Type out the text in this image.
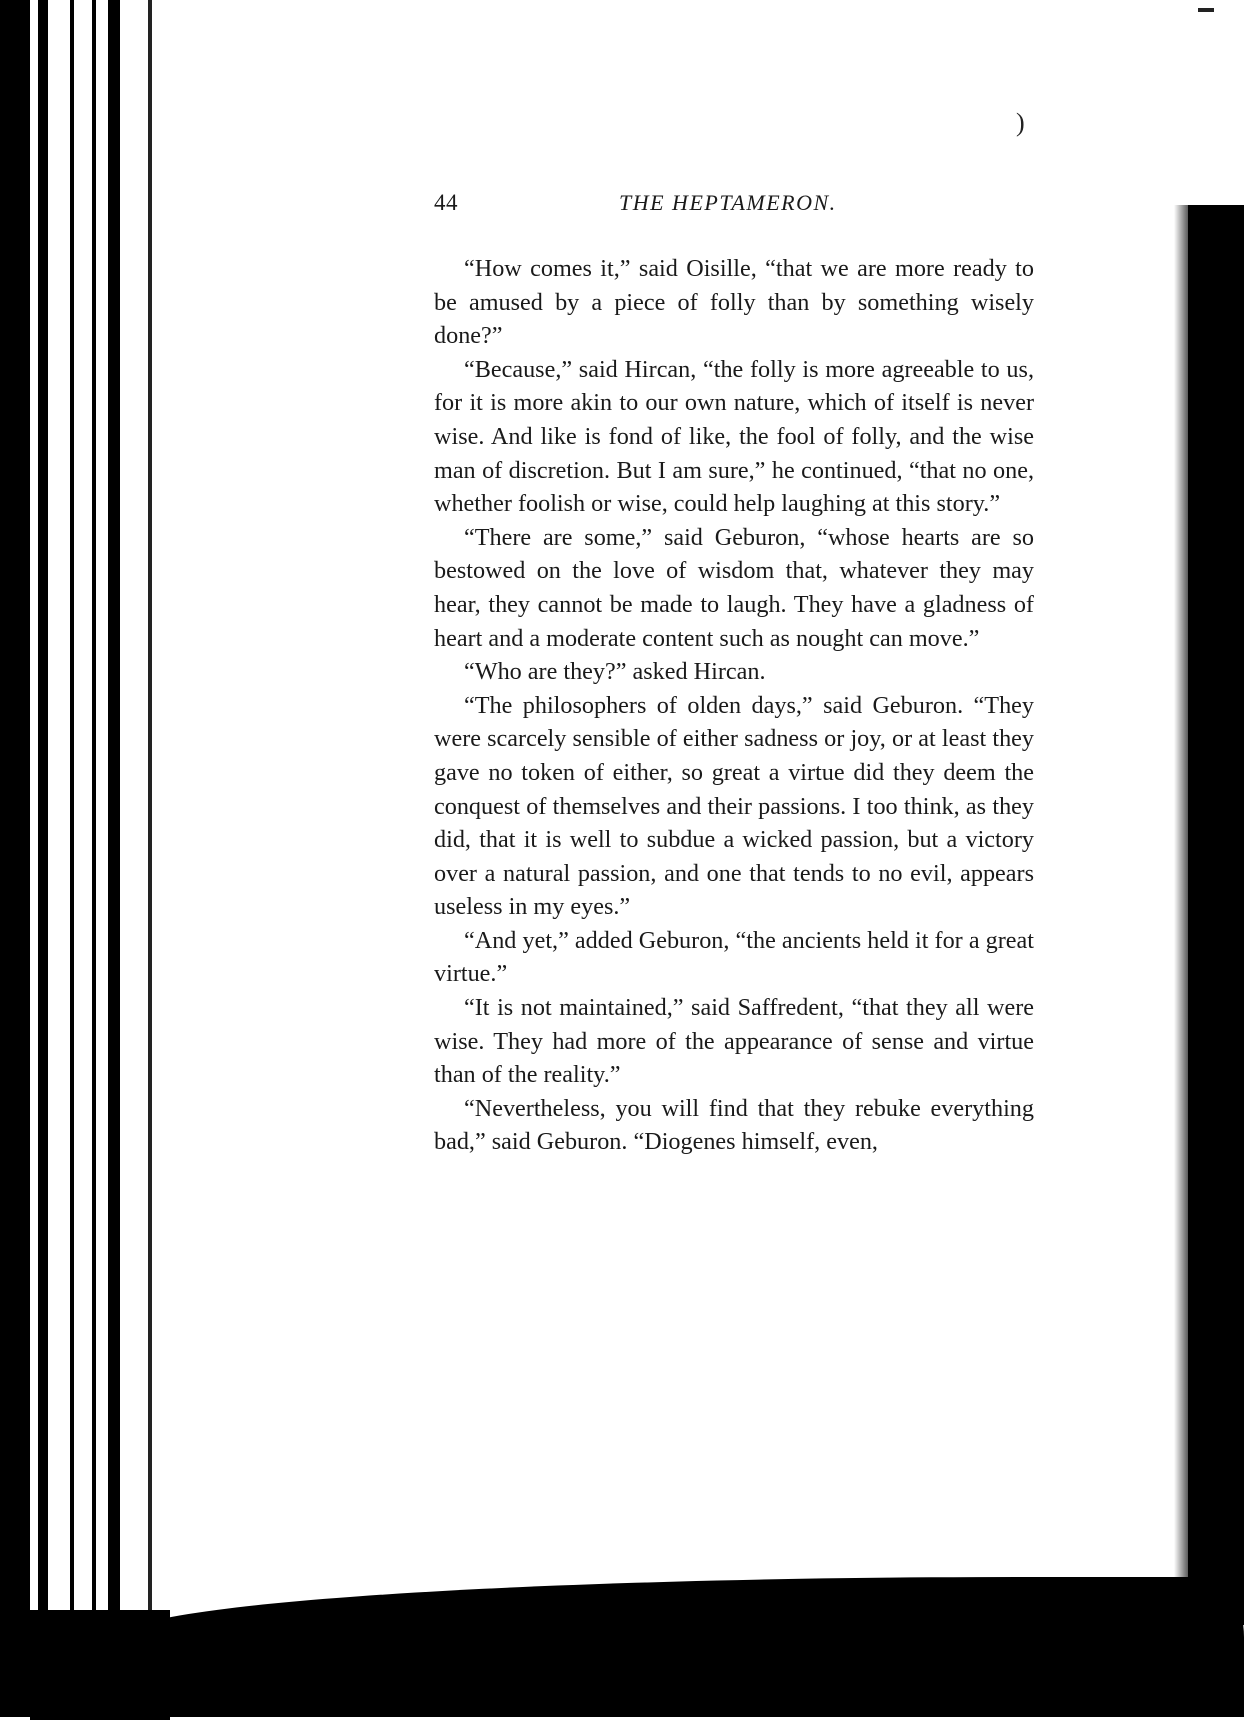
)
44	THE HEPTAMERON.

“How comes it,” said Oisille, “that we are more ready to be amused by a piece of folly than by something wisely done?”

“Because,” said Hircan, “the folly is more agreeable to us, for it is more akin to our own nature, which of itself is never wise. And like is fond of like, the fool of folly, and the wise man of discretion. But I am sure,” he continued, “that no one, whether foolish or wise, could help laughing at this story.”

“There are some,” said Geburon, “whose hearts are so bestowed on the love of wisdom that, whatever they may hear, they cannot be made to laugh. They have a gladness of heart and a moderate content such as nought can move.”

“Who are they?” asked Hircan.

“The philosophers of olden days,” said Geburon. “They were scarcely sensible of either sadness or joy, or at least they gave no token of either, so great a virtue did they deem the conquest of themselves and their passions. I too think, as they did, that it is well to subdue a wicked passion, but a victory over a natural passion, and one that tends to no evil, appears useless in my eyes.”

“And yet,” added Geburon, “the ancients held it for a great virtue.”

“It is not maintained,” said Saffredent, “that they all were wise. They had more of the appearance of sense and virtue than of the reality.”

“Nevertheless, you will find that they rebuke everything bad,” said Geburon. “Diogenes himself, even,
